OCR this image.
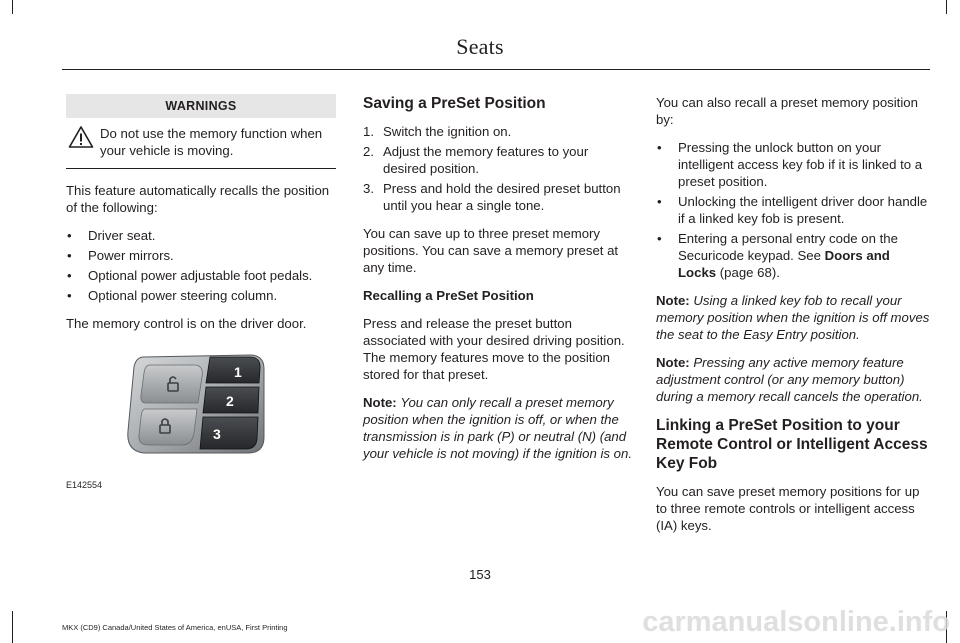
Seats
WARNINGS
Do not use the memory function when your vehicle is moving.

This feature automatically recalls the position of the following:

• Driver seat.
• Power mirrors.
• Optional power adjustable foot pedals.
• Optional power steering column.

The memory control is on the driver door.

1
2
3
E142554
Saving a PreSet Position
1. Switch the ignition on.
2. Adjust the memory features to your desired position.
3. Press and hold the desired preset button until you hear a single tone.

You can save up to three preset memory positions. You can save a memory preset at any time.

Recalling a PreSet Position

Press and release the preset button associated with your desired driving position. The memory features move to the position stored for that preset.

Note: You can only recall a preset memory position when the ignition is off, or when the transmission is in park (P) or neutral (N) (and your vehicle is not moving) if the ignition is on.

You can also recall a preset memory position by:

• Pressing the unlock button on your intelligent access key fob if it is linked to a preset position.
• Unlocking the intelligent driver door handle if a linked key fob is present.
• Entering a personal entry code on the Securicode keypad. See Doors and Locks (page 68).

Note: Using a linked key fob to recall your memory position when the ignition is off moves the seat to the Easy Entry position.

Note: Pressing any active memory feature adjustment control (or any memory button) during a memory recall cancels the operation.

Linking a PreSet Position to your Remote Control or Intelligent Access Key Fob

You can save preset memory positions for up to three remote controls or intelligent access (IA) keys.

153
MKX (CD9) Canada/United States of America, enUSA, First Printing	carmanualsonline.info
